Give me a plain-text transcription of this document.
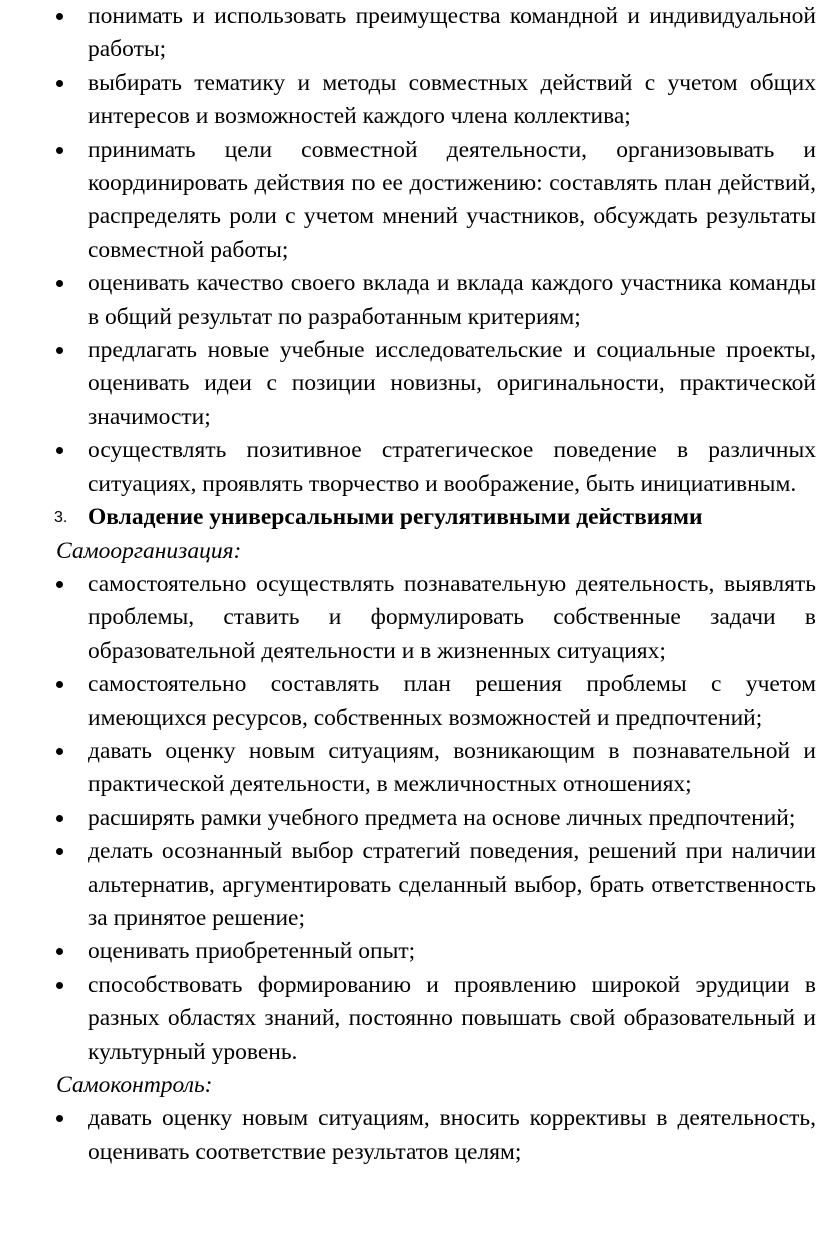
понимать и использовать преимущества командной и индивидуальной работы;
выбирать тематику и методы совместных действий с учетом общих интересов и возможностей каждого члена коллектива;
принимать цели совместной деятельности, организовывать и координировать действия по ее достижению: составлять план действий, распределять роли с учетом мнений участников, обсуждать результаты совместной работы;
оценивать качество своего вклада и вклада каждого участника команды в общий результат по разработанным критериям;
предлагать новые учебные исследовательские и социальные проекты, оценивать идеи с позиции новизны, оригинальности, практической значимости;
осуществлять позитивное стратегическое поведение в различных ситуациях, проявлять творчество и воображение, быть инициативным.
3. Овладение универсальными регулятивными действиями
Самоорганизация:
самостоятельно осуществлять познавательную деятельность, выявлять проблемы, ставить и формулировать собственные задачи в образовательной деятельности и в жизненных ситуациях;
самостоятельно составлять план решения проблемы с учетом имеющихся ресурсов, собственных возможностей и предпочтений;
давать оценку новым ситуациям, возникающим в познавательной и практической деятельности, в межличностных отношениях;
расширять рамки учебного предмета на основе личных предпочтений;
делать осознанный выбор стратегий поведения, решений при наличии альтернатив, аргументировать сделанный выбор, брать ответственность за принятое решение;
оценивать приобретенный опыт;
способствовать формированию и проявлению широкой эрудиции в разных областях знаний, постоянно повышать свой образовательный и культурный уровень.
Самоконтроль:
давать оценку новым ситуациям, вносить коррективы в деятельность, оценивать соответствие результатов целям;
